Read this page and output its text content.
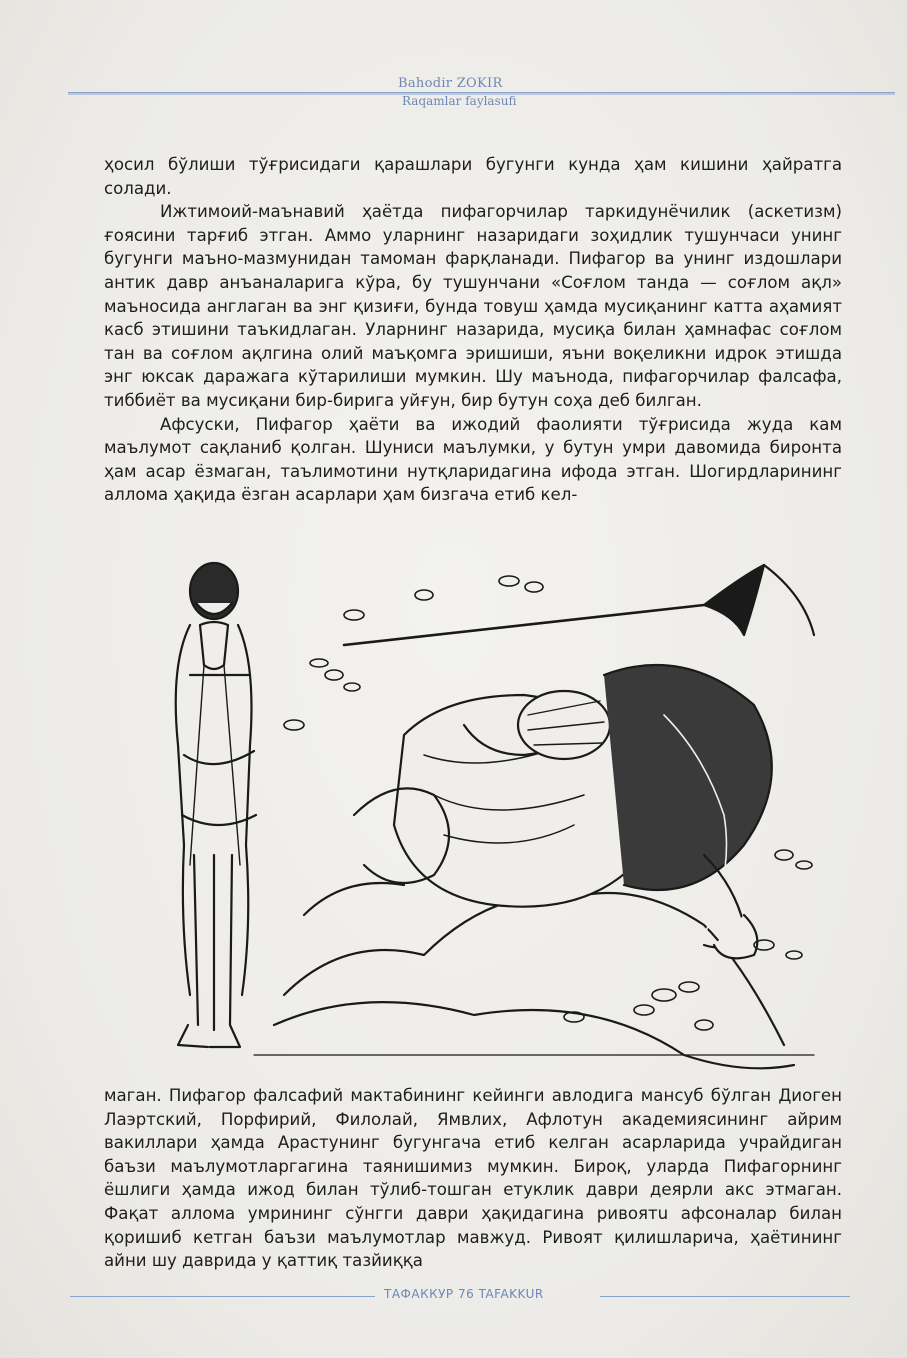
Bahodir ZOKIR
Raqamlar faylasufi

ҳосил бўлиши тўғрисидаги қарашлари бугунги кунда ҳам кишини ҳайратга солади.

Ижтимоий-маънавий ҳаётда пифагорчилар таркидунёчилик (аскетизм) ғоясини тарғиб этган. Аммо уларнинг назаридаги зоҳидлик тушунчаси унинг бугунги маъно-мазмунидан тамоман фарқланади. Пифагор ва унинг издошлари антик давр анъаналарига кўра, бу тушунчани «Соғлом танда — соғлом ақл» маъносида англаган ва энг қизиғи, бунда товуш ҳамда мусиқанинг катта аҳамият касб этишини таъкидлаган. Уларнинг назарида, мусиқа билан ҳамнафас соғлом тан ва соғлом ақлгина олий маъқомга эришиши, яъни воқеликни идрок этишда энг юксак даражага кўтарилиши мумкин. Шу маънода, пифагорчилар фалсафа, тиббиёт ва мусиқани бир-бирига уйғун, бир бутун соҳа деб билган.

Афсуски, Пифагор ҳаёти ва ижодий фаолияти тўғрисида жуда кам маълумот сақланиб қолган. Шуниси маълумки, у бутун умри давомида биронта ҳам асар ёзмаган, таълимотини нутқларидагина ифода этган. Шогирдларининг аллома ҳақида ёзган асарлари ҳам бизгача етиб кел-

маган. Пифагор фалсафий мактабининг кейинги авлодига мансуб бўлган Диоген Лаэртский, Порфирий, Филолай, Ямвлих, Афлотун академиясининг айрим вакиллари ҳамда Арастунинг бугунгача етиб келган асарларида учрайдиган баъзи маълумотларгагина таянишимиз мумкин. Бироқ, уларда Пифагорнинг ёшлиги ҳамда ижод билан тўлиб-тошган етуклик даври деярли акс этмаган. Фақат аллома умрининг сўнгги даври ҳақидагина ривоятu афсоналар билан қоришиб кетган баъзи маълумотлар мавжуд. Ривоят қилишларича, ҳаётининг айни шу даврида у қаттиқ тазйиққа

ТАФАККУР 76 TAFAKKUR
